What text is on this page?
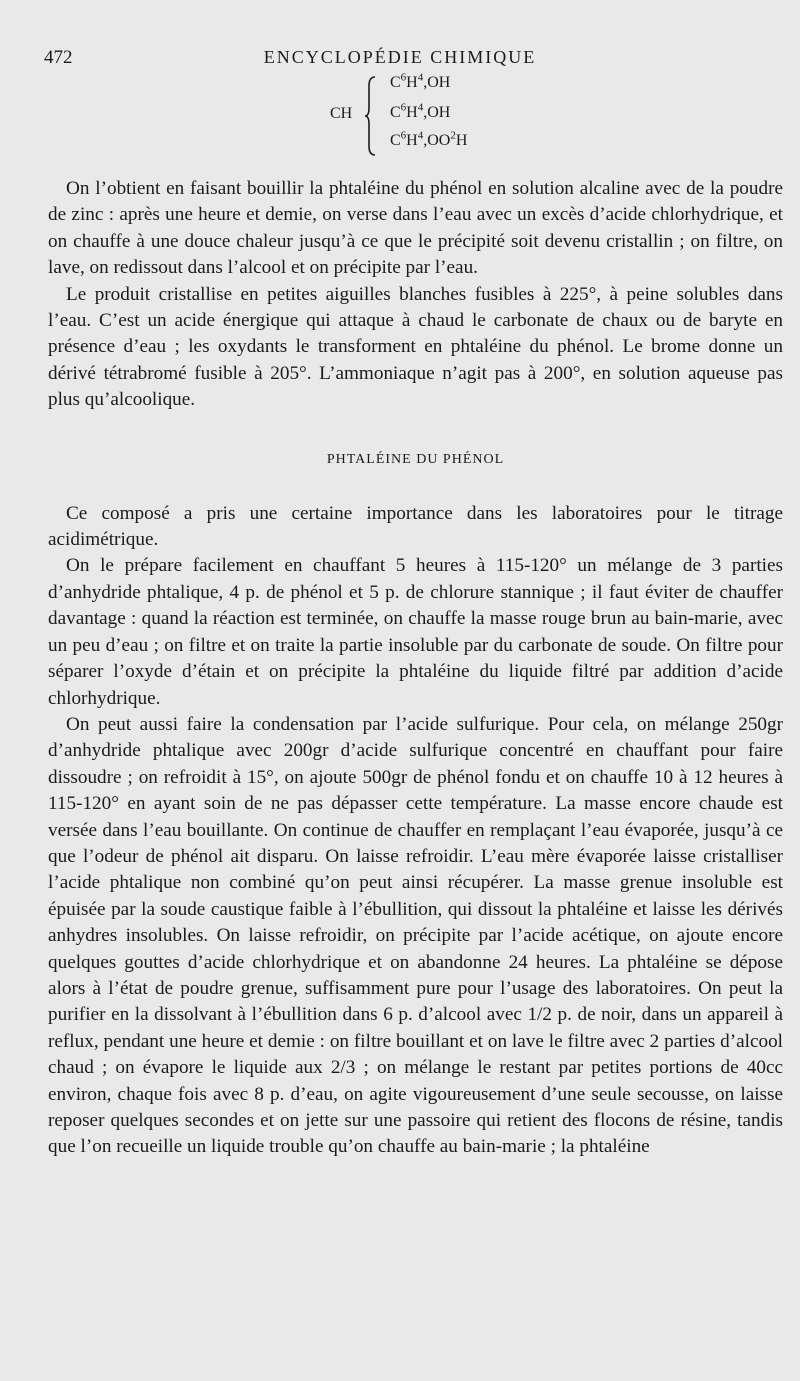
472	ENCYCLOPÉDIE CHIMIQUE
CH
$C^6H^4,OH$
$C^6H^4,OH$
$C^6H^4,OO^2H$

On l’obtient en faisant bouillir la phtaléine du phénol en solution alcaline avec de la poudre de zinc : après une heure et demie, on verse dans l’eau avec un excès d’acide chlorhydrique, et on chauffe à une douce chaleur jusqu’à ce que le précipité soit devenu cristallin ; on filtre, on lave, on redissout dans l’alcool et on précipite par l’eau.

Le produit cristallise en petites aiguilles blanches fusibles à 225°, à peine solubles dans l’eau. C’est un acide énergique qui attaque à chaud le carbonate de chaux ou de baryte en présence d’eau ; les oxydants le transforment en phtaléine du phénol. Le brome donne un dérivé tétrabromé fusible à 205°. L’ammoniaque n’agit pas à 200°, en solution aqueuse pas plus qu’alcoolique.

PHTALÉINE DU PHÉNOL

Ce composé a pris une certaine importance dans les laboratoires pour le titrage acidimétrique.

On le prépare facilement en chauffant 5 heures à 115-120° un mélange de 3 parties d’anhydride phtalique, 4 p. de phénol et 5 p. de chlorure stannique ; il faut éviter de chauffer davantage : quand la réaction est terminée, on chauffe la masse rouge brun au bain-marie, avec un peu d’eau ; on filtre et on traite la partie insoluble par du carbonate de soude. On filtre pour séparer l’oxyde d’étain et on précipite la phtaléine du liquide filtré par addition d’acide chlorhydrique.

On peut aussi faire la condensation par l’acide sulfurique. Pour cela, on mélange 250gr d’anhydride phtalique avec 200gr d’acide sulfurique concentré en chauffant pour faire dissoudre ; on refroidit à 15°, on ajoute 500gr de phénol fondu et on chauffe 10 à 12 heures à 115-120° en ayant soin de ne pas dépasser cette température. La masse encore chaude est versée dans l’eau bouillante. On continue de chauffer en remplaçant l’eau évaporée, jusqu’à ce que l’odeur de phénol ait disparu. On laisse refroidir. L’eau mère évaporée laisse cristalliser l’acide phtalique non combiné qu’on peut ainsi récupérer. La masse grenue insoluble est épuisée par la soude caustique faible à l’ébullition, qui dissout la phtaléine et laisse les dérivés anhydres insolubles. On laisse refroidir, on précipite par l’acide acétique, on ajoute encore quelques gouttes d’acide chlorhydrique et on abandonne 24 heures. La phtaléine se dépose alors à l’état de poudre grenue, suffisamment pure pour l’usage des laboratoires. On peut la purifier en la dissolvant à l’ébullition dans 6 p. d’alcool avec 1/2 p. de noir, dans un appareil à reflux, pendant une heure et demie : on filtre bouillant et on lave le filtre avec 2 parties d’alcool chaud ; on évapore le liquide aux 2/3 ; on mélange le restant par petites portions de 40cc environ, chaque fois avec 8 p. d’eau, on agite vigoureusement d’une seule secousse, on laisse reposer quelques secondes et on jette sur une passoire qui retient des flocons de résine, tandis que l’on recueille un liquide trouble qu’on chauffe au bain-marie ; la phtaléine
